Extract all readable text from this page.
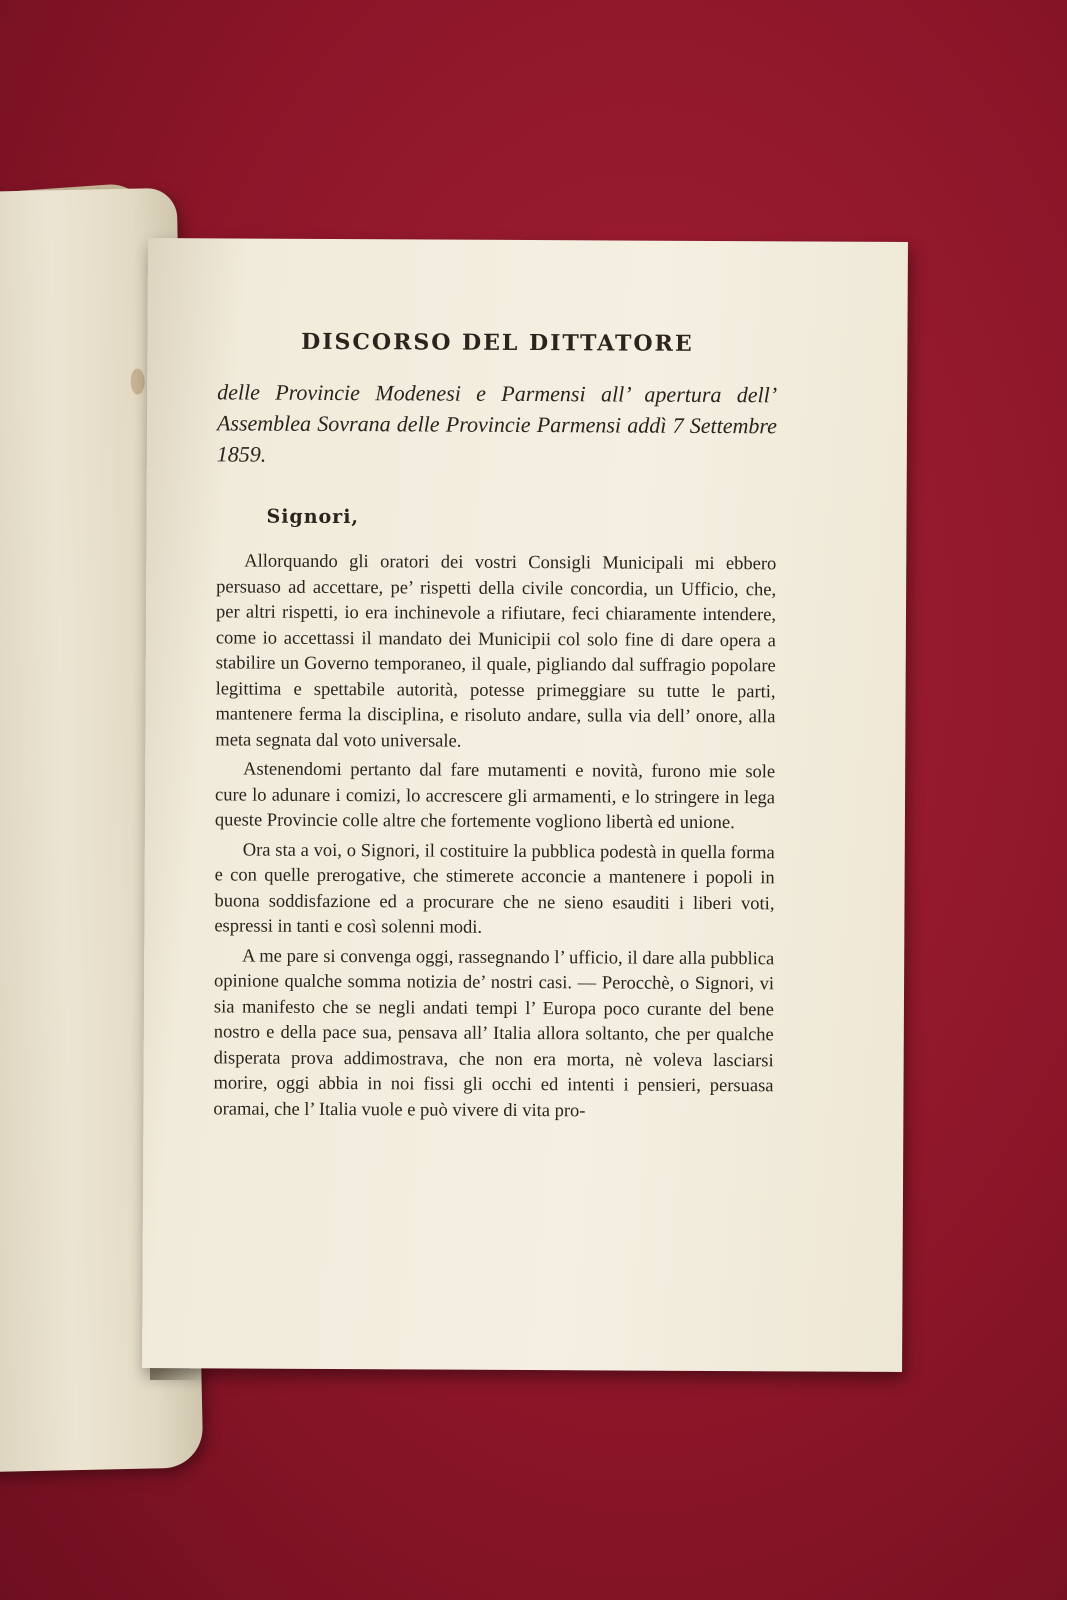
DISCORSO DEL DITTATORE
delle Provincie Modenesi e Parmensi all’ apertura dell’ Assemblea Sovrana delle Provincie Parmensi addì 7 Settembre 1859.
Signori,

Allorquando gli oratori dei vostri Consigli Municipali mi ebbero persuaso ad accettare, pe’ rispetti della civile concordia, un Ufficio, che, per altri rispetti, io era inchinevole a rifiutare, feci chiaramente intendere, come io accettassi il mandato dei Municipii col solo fine di dare opera a stabilire un Governo temporaneo, il quale, pigliando dal suffragio popolare legittima e spettabile autorità, potesse primeggiare su tutte le parti, mantenere ferma la disciplina, e risoluto andare, sulla via dell’ onore, alla meta segnata dal voto universale.

Astenendomi pertanto dal fare mutamenti e novità, furono mie sole cure lo adunare i comizi, lo accrescere gli armamenti, e lo stringere in lega queste Provincie colle altre che fortemente vogliono libertà ed unione.

Ora sta a voi, o Signori, il costituire la pubblica podestà in quella forma e con quelle prerogative, che stimerete acconcie a mantenere i popoli in buona soddisfazione ed a procurare che ne sieno esauditi i liberi voti, espressi in tanti e così solenni modi.

A me pare si convenga oggi, rassegnando l’ ufficio, il dare alla pubblica opinione qualche somma notizia de’ nostri casi. — Perocchè, o Signori, vi sia manifesto che se negli andati tempi l’ Europa poco curante del bene nostro e della pace sua, pensava all’ Italia allora soltanto, che per qualche disperata prova addimostrava, che non era morta, nè voleva lasciarsi morire, oggi abbia in noi fissi gli occhi ed intenti i pensieri, persuasa oramai, che l’ Italia vuole e può vivere di vita pro-
